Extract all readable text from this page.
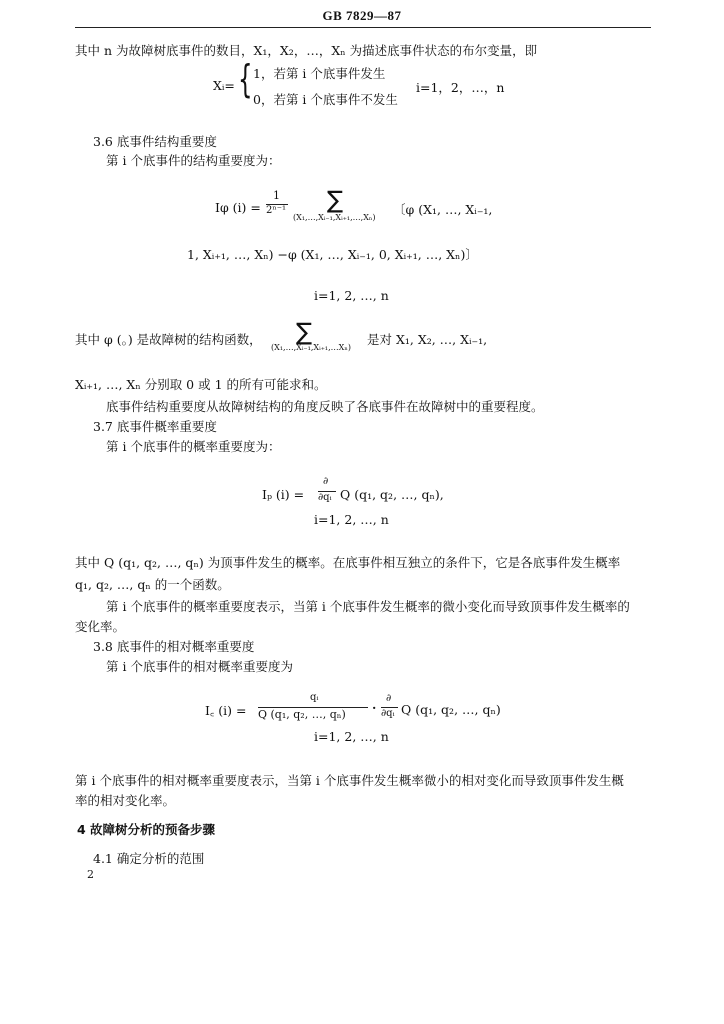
GB 7829—87
其中 n 为故障树底事件的数目，X₁，X₂，…，Xₙ 为描述底事件状态的布尔变量，即
Xᵢ= { 1，若第 i 个底事件发生
0，若第 i 个底事件不发生
i=1，2，…，n
3.6 底事件结构重要度
第 i 个底事件的结构重要度为：
Iφ (i) =
1
2ⁿ⁻¹ ∑
(X₁,…,Xᵢ₋₁,Xᵢ₊₁,…,Xₙ)
〔φ (X₁, …, Xᵢ₋₁,
1, Xᵢ₊₁, …, Xₙ) −φ (X₁, …, Xᵢ₋₁, 0, Xᵢ₊₁, …, Xₙ)〕
i=1, 2, …, n
其中 φ (。) 是故障树的结构函数， ∑
(X₁,…,Xᵢ₋₁,Xᵢ₊₁,…Xₙ)
是对 X₁, X₂, …, Xᵢ₋₁,
Xᵢ₊₁, …, Xₙ 分别取 0 或 1 的所有可能求和。
底事件结构重要度从故障树结构的角度反映了各底事件在故障树中的重要程度。
3.7 底事件概率重要度
第 i 个底事件的概率重要度为：
Iₚ (i) =
∂
∂qᵢ Q (q₁, q₂, …, qₙ),
i=1, 2, …, n
其中 Q (q₁, q₂, …, qₙ) 为顶事件发生的概率。在底事件相互独立的条件下，它是各底事件发生概率
q₁, q₂, …, qₙ 的一个函数。
第 i 个底事件的概率重要度表示，当第 i 个底事件发生概率的微小变化而导致顶事件发生概率的
变化率。
3.8 底事件的相对概率重要度
第 i 个底事件的相对概率重要度为
I꜀ (i) =
qᵢ
Q (q₁, q₂, …, qₙ) ·
∂
∂qᵢ Q (q₁, q₂, …, qₙ)
i=1, 2, …, n
第 i 个底事件的相对概率重要度表示，当第 i 个底事件发生概率微小的相对变化而导致顶事件发生概
率的相对变化率。
4 故障树分析的预备步骤
4.1 确定分析的范围
2
